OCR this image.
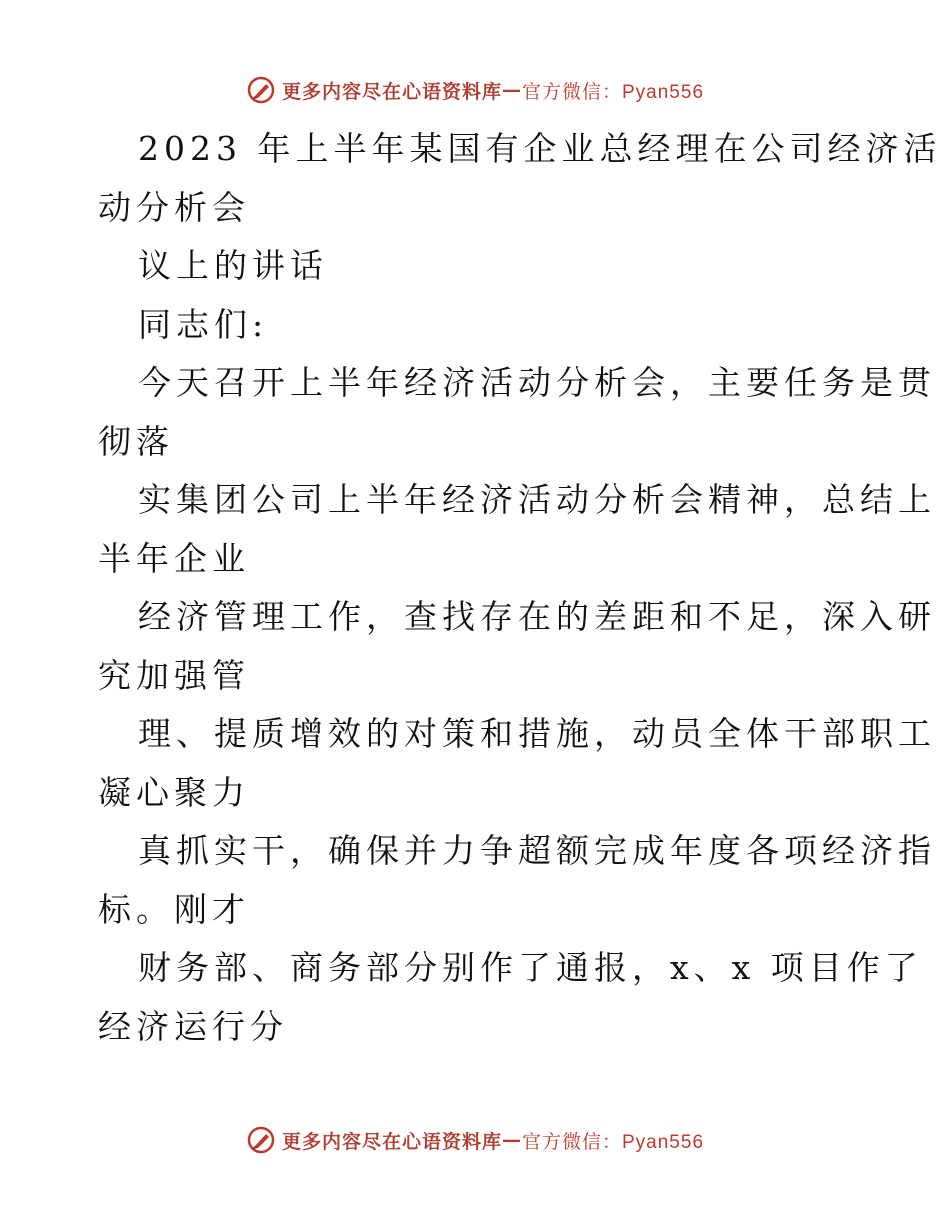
更多内容尽在心语资料库 — 官方微信：Pyan556
2023 年上半年某国有企业总经理在公司经济活
动分析会
议上的讲话
同志们:
今天召开上半年经济活动分析会，主要任务是贯
彻落
实集团公司上半年经济活动分析会精神，总结上
半年企业
经济管理工作，查找存在的差距和不足，深入研
究加强管
理、提质增效的对策和措施，动员全体干部职工
凝心聚力
真抓实干，确保并力争超额完成年度各项经济指
标。刚才
财务部、商务部分别作了通报，x、x 项目作了
经济运行分
更多内容尽在心语资料库 — 官方微信：Pyan556
